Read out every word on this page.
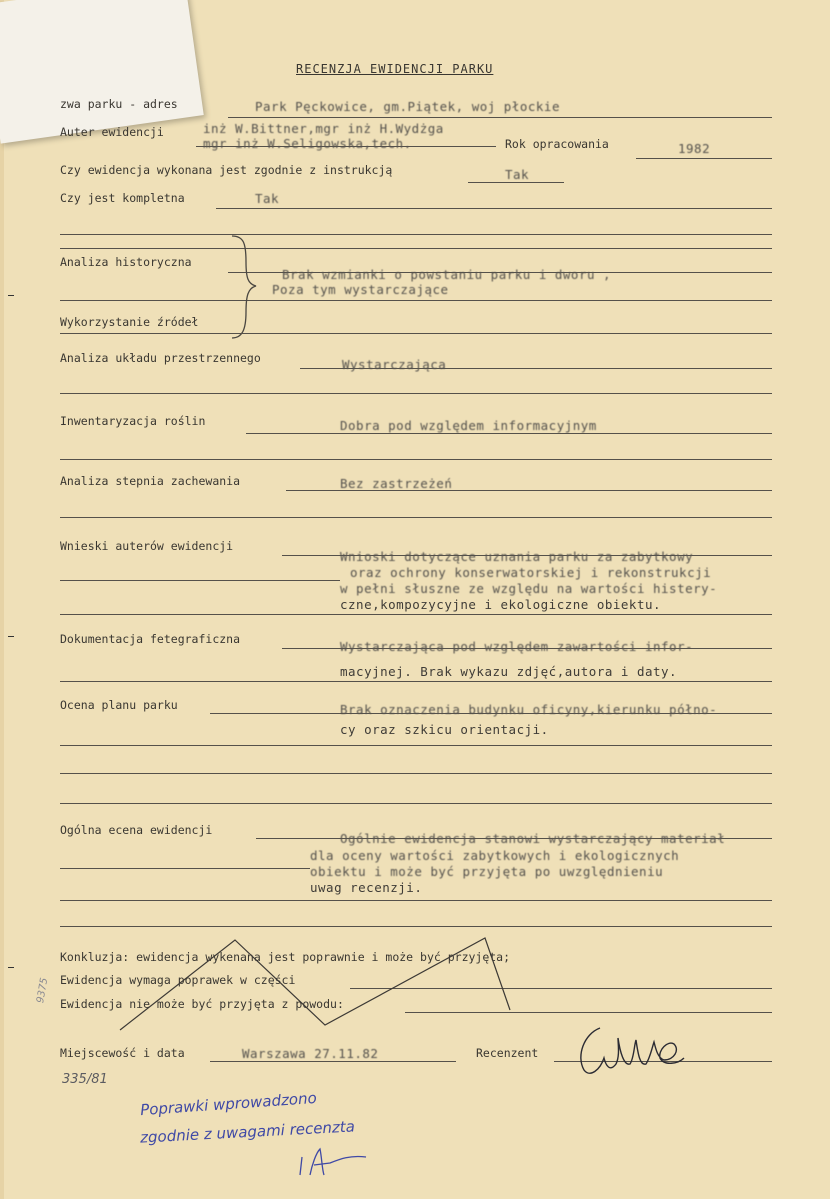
RECENZJA EWIDENCJI PARKU
zwa parku - adres	Park Pęckowice, gm.Piątek, woj płockie
Auter ewidencji	inż W.Bittner,mgr inż H.Wydżga
mgr inż W.Seligowska,tech.	Rok opracowania	1982
Czy ewidencja wykonana jest zgodnie z instrukcją	Tak
Czy jest kompletna	Tak
Analiza historyczna
Brak wzmianki o powstaniu parku i dworu ,
Poza tym wystarczające
Wykorzystanie źródeł
Analiza układu przestrzennego	Wystarczająca
Inwentaryzacja roślin	Dobra pod względem informacyjnym
Analiza stepnia zachewania	Bez zastrzeżeń
Wnieski auterów ewidencji
Wnioski dotyczące uznania parku za zabytkowy
oraz ochrony konserwatorskiej i rekonstrukcji
w pełni słuszne ze względu na wartości histery-
czne,kompozycyjne i ekologiczne obiektu.
Dokumentacja fetegraficzna	Wystarczająca pod względem zawartości infor-
macyjnej. Brak wykazu zdjęć,autora i daty.
Ocena planu parku	Brak oznaczenia budynku oficyny,kierunku półno-
cy oraz szkicu orientacji.
Ogólna ecena ewidencji
Ogólnie ewidencja stanowi wystarczający materiał
dla oceny wartości zabytkowych i ekologicznych
obiektu i może być przyjęta po uwzględnieniu
uwag recenzji.
Konkluzja: ewidencja wykenana jest poprawnie i może być przyjęta;
Ewidencja wymaga poprawek w części
Ewidencja nie może być przyjęta z powodu:
Miejscewość i data	Warszawa 27.11.82	Recenzent
335/81
9375
Poprawki wprowadzono
zgodnie z uwagami recenzta
